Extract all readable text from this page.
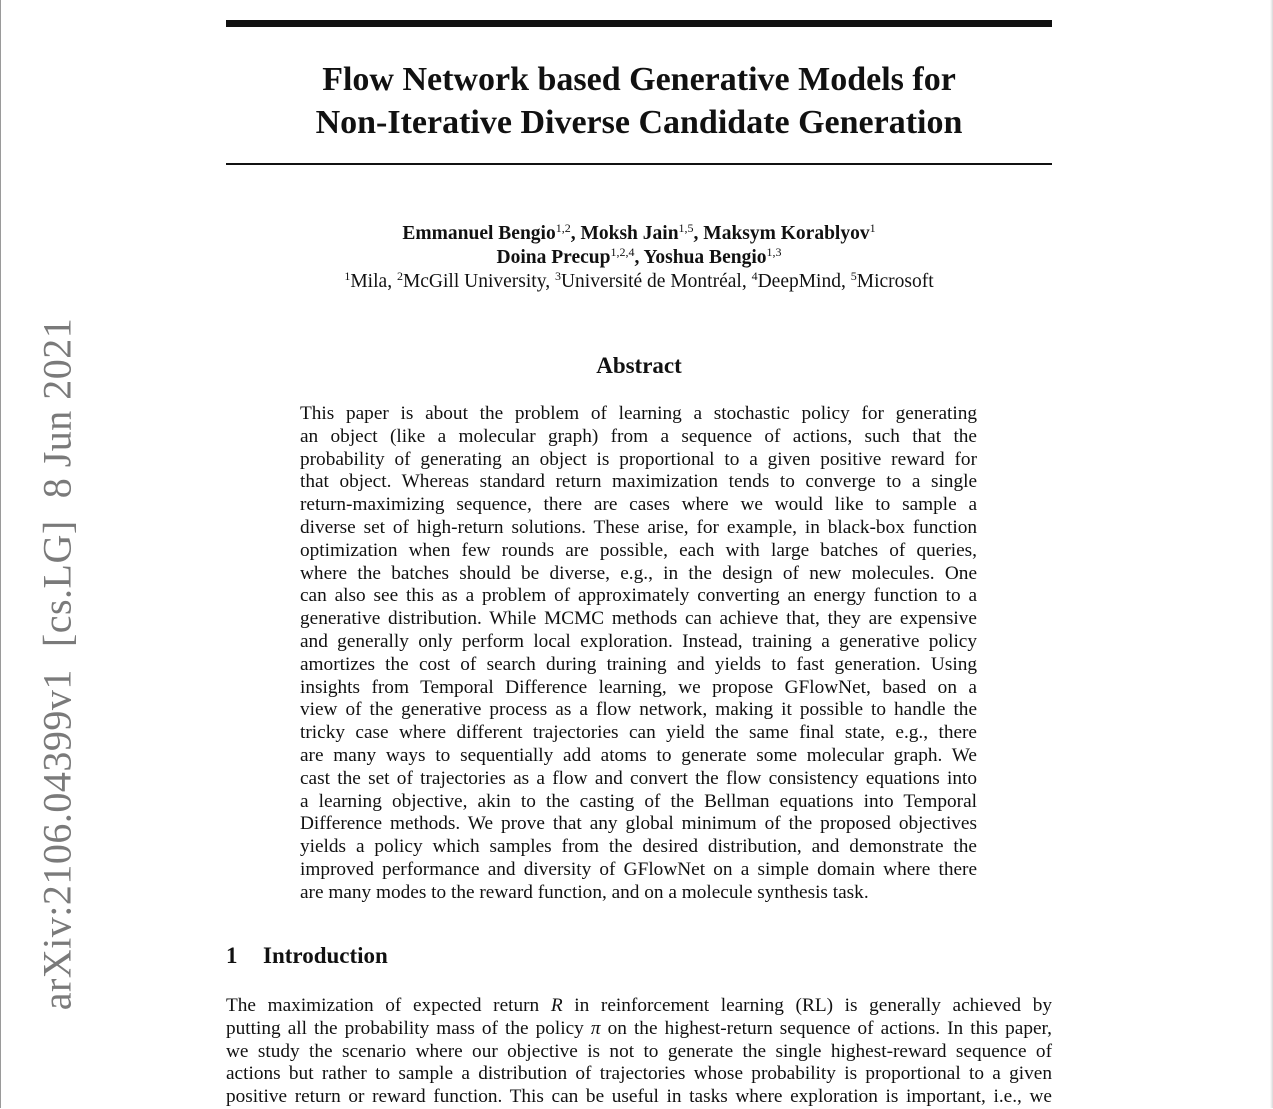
arXiv:2106.04399v1[cs.LG]8 Jun 2021
Flow Network based Generative Models for
Non-Iterative Diverse Candidate Generation
Emmanuel Bengio$^{1,2}$, Moksh Jain$^{1,5}$, Maksym Korablyov$^1$
Doina Precup$^{1,2,4}$, Yoshua Bengio$^{1,3}$
$^1$Mila, $^2$McGill University, $^3$Université de Montréal, $^4$DeepMind, $^5$Microsoft
Abstract
This paper is about the problem of learning a stochastic policy for generating
an object (like a molecular graph) from a sequence of actions, such that the
probability of generating an object is proportional to a given positive reward for
that object. Whereas standard return maximization tends to converge to a single
return-maximizing sequence, there are cases where we would like to sample a
diverse set of high-return solutions. These arise, for example, in black-box function
optimization when few rounds are possible, each with large batches of queries,
where the batches should be diverse, e.g., in the design of new molecules. One
can also see this as a problem of approximately converting an energy function to a
generative distribution. While MCMC methods can achieve that, they are expensive
and generally only perform local exploration. Instead, training a generative policy
amortizes the cost of search during training and yields to fast generation. Using
insights from Temporal Difference learning, we propose GFlowNet, based on a
view of the generative process as a flow network, making it possible to handle the
tricky case where different trajectories can yield the same final state, e.g., there
are many ways to sequentially add atoms to generate some molecular graph. We
cast the set of trajectories as a flow and convert the flow consistency equations into
a learning objective, akin to the casting of the Bellman equations into Temporal
Difference methods. We prove that any global minimum of the proposed objectives
yields a policy which samples from the desired distribution, and demonstrate the
improved performance and diversity of GFlowNet on a simple domain where there
are many modes to the reward function, and on a molecule synthesis task.
1 Introduction
The maximization of expected return R in reinforcement learning (RL) is generally achieved by
putting all the probability mass of the policy π on the highest-return sequence of actions. In this paper,
we study the scenario where our objective is not to generate the single highest-reward sequence of
actions but rather to sample a distribution of trajectories whose probability is proportional to a given
positive return or reward function. This can be useful in tasks where exploration is important, i.e., we
